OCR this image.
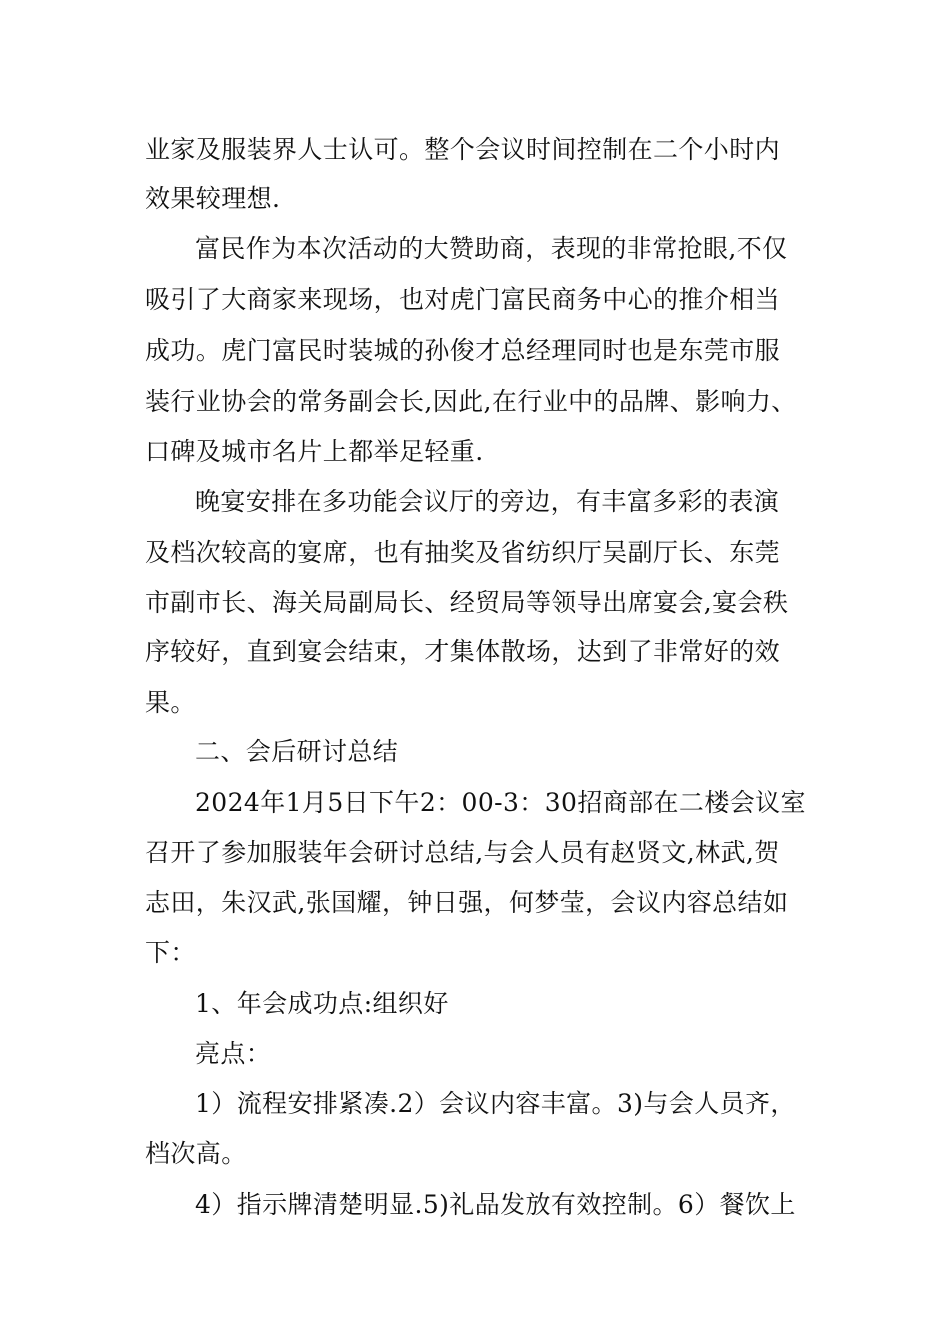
业家及服装界人士认可。整个会议时间控制在二个小时内
效果较理想.
富民作为本次活动的大赞助商，表现的非常抢眼,不仅
吸引了大商家来现场，也对虎门富民商务中心的推介相当
成功。虎门富民时装城的孙俊才总经理同时也是东莞市服
装行业协会的常务副会长,因此,在行业中的品牌、影响力、
口碑及城市名片上都举足轻重.
晚宴安排在多功能会议厅的旁边，有丰富多彩的表演
及档次较高的宴席，也有抽奖及省纺织厅吴副厅长、东莞
市副市长、海关局副局长、经贸局等领导出席宴会,宴会秩
序较好，直到宴会结束，才集体散场，达到了非常好的效
果。
二、会后研讨总结
2024年1月5日下午2：00-3：30招商部在二楼会议室
召开了参加服装年会研讨总结,与会人员有赵贤文,林武,贺
志田，朱汉武,张国耀，钟日强，何梦莹，会议内容总结如
下：
1、年会成功点:组织好
亮点：
1）流程安排紧凑.2）会议内容丰富。3)与会人员齐，
档次高。
4）指示牌清楚明显.5)礼品发放有效控制。6）餐饮上
